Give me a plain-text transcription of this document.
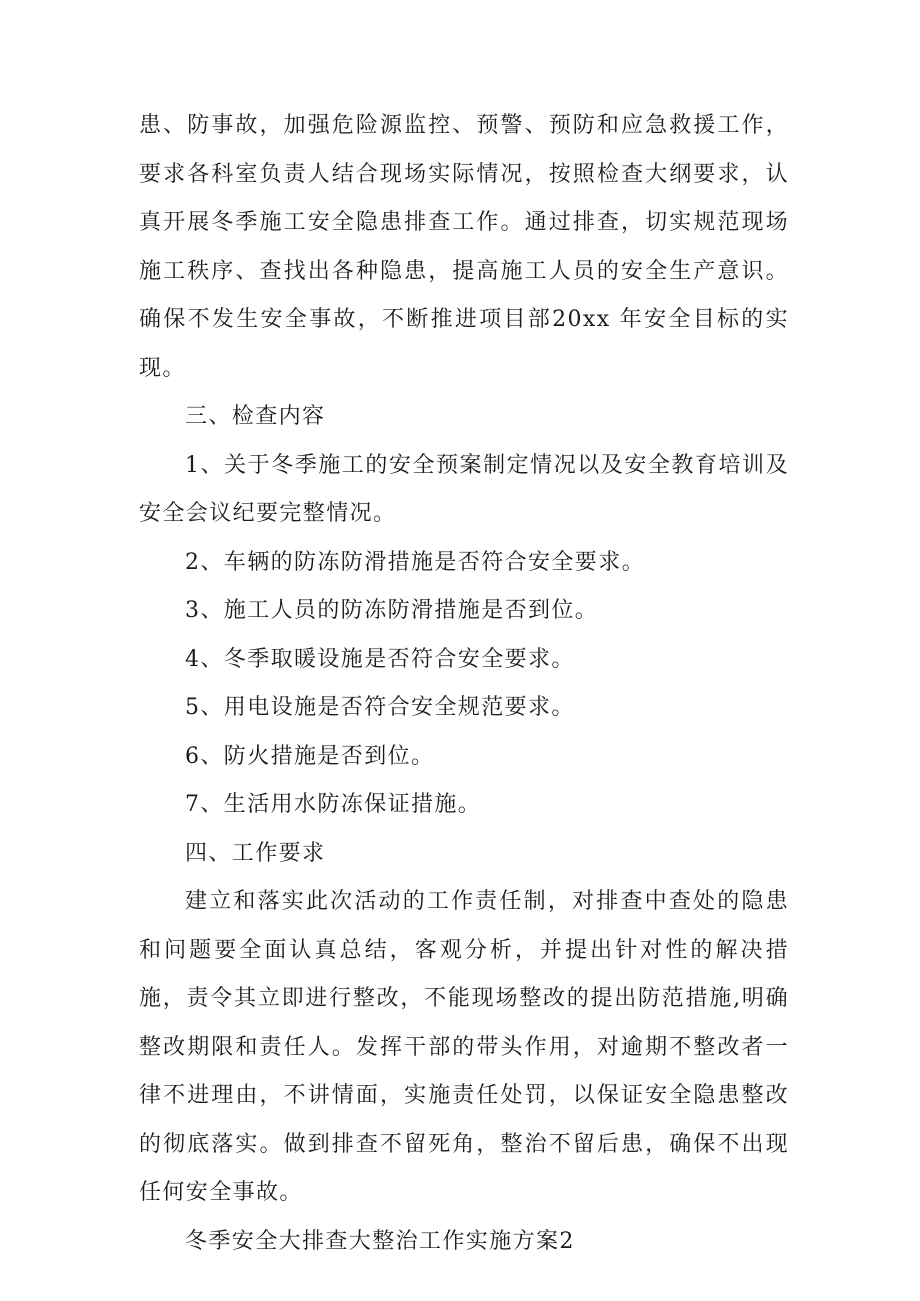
患、防事故，加强危险源监控、预警、预防和应急救援工作，要求各科室负责人结合现场实际情况，按照检查大纲要求，认真开展冬季施工安全隐患排查工作。通过排查，切实规范现场施工秩序、查找出各种隐患，提高施工人员的安全生产意识。确保不发生安全事故，不断推进项目部20xx 年安全目标的实现。

三、检查内容

1、关于冬季施工的安全预案制定情况以及安全教育培训及安全会议纪要完整情况。

2、车辆的防冻防滑措施是否符合安全要求。

3、施工人员的防冻防滑措施是否到位。

4、冬季取暖设施是否符合安全要求。

5、用电设施是否符合安全规范要求。

6、防火措施是否到位。

7、生活用水防冻保证措施。

四、工作要求

建立和落实此次活动的工作责任制，对排查中查处的隐患和问题要全面认真总结，客观分析，并提出针对性的解决措施，责令其立即进行整改，不能现场整改的提出防范措施,明确整改期限和责任人。发挥干部的带头作用，对逾期不整改者一律不进理由，不讲情面，实施责任处罚，以保证安全隐患整改的彻底落实。做到排查不留死角，整治不留后患，确保不出现任何安全事故。

冬季安全大排查大整治工作实施方案2
